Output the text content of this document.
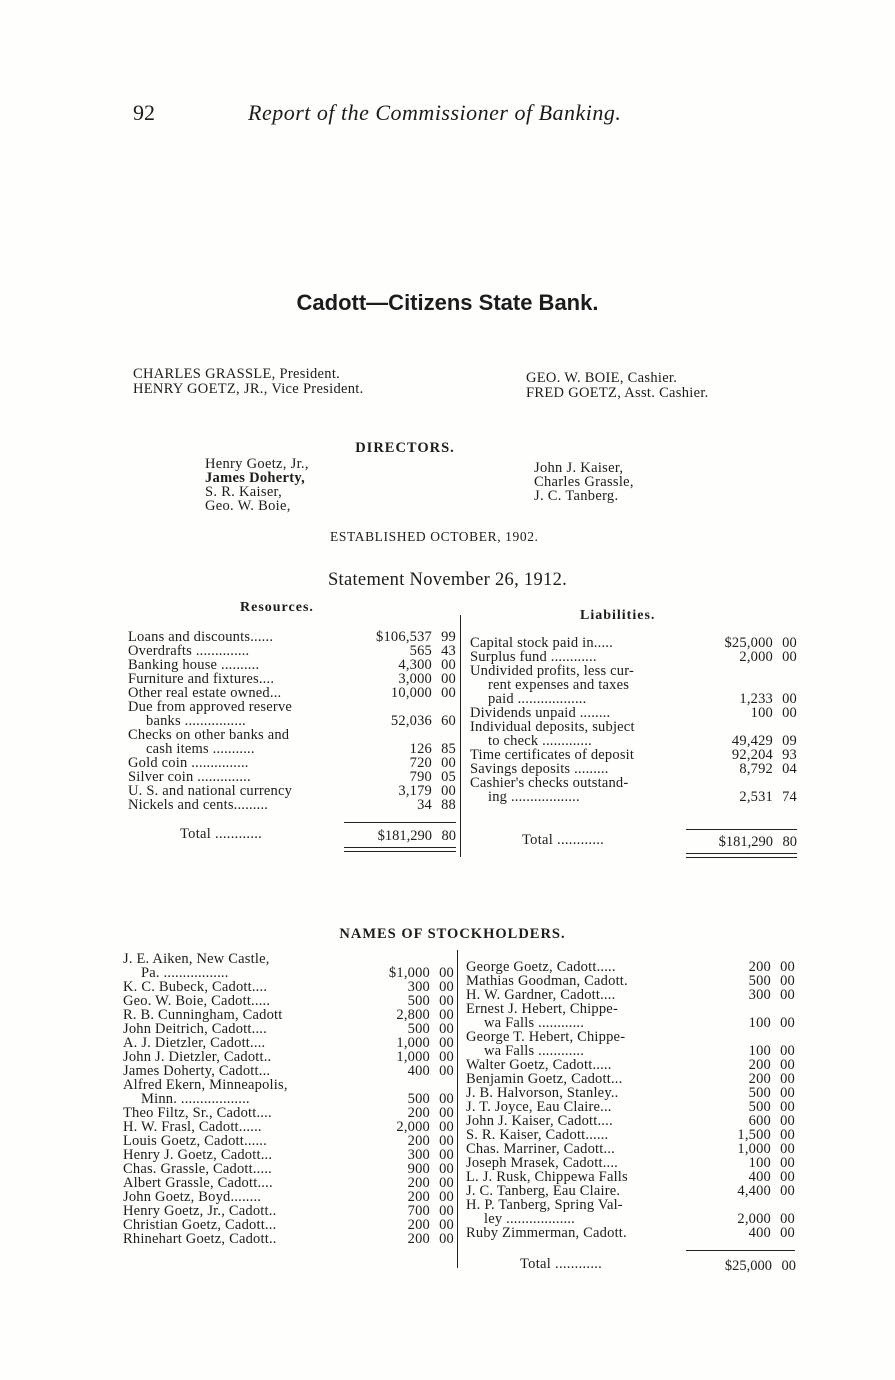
92	Report of the Commissioner of Banking.
Cadott—Citizens State Bank.
CHARLES GRASSLE, President.
HENRY GOETZ, JR., Vice President.
GEO. W. BOIE, Cashier.
FRED GOETZ, Asst. Cashier.
DIRECTORS.
Henry Goetz, Jr.,
James Doherty,
S. R. Kaiser,
Geo. W. Boie,
John J. Kaiser,
Charles Grassle,
J. C. Tanberg.
ESTABLISHED OCTOBER, 1902.
Statement November 26, 1912.
Resources.
Liabilities.
Loans and discounts......	$106,537 99
Overdrafts ..............	565 43
Banking house ..........	4,300 00
Furniture and fixtures....	3,000 00
Other real estate owned...	10,000 00
Due from approved reserve
banks ................	52,036 60
Checks on other banks and
cash items ...........	126 85
Gold coin ...............	720 00
Silver coin ..............	790 05
U. S. and national currency	3,179 00
Nickels and cents.........	34 88
Capital stock paid in.....	$25,000 00
Surplus fund ............	2,000 00
Undivided profits, less cur-
rent expenses and taxes
paid ..................	1,233 00
Dividends unpaid ........	100 00
Individual deposits, subject
to check .............	49,429 09
Time certificates of deposit	92,204 93
Savings deposits .........	8,792 04
Cashier's checks outstand-
ing ..................	2,531 74
Total ............	$181,290 80	Total ............	$181,290 80
NAMES OF STOCKHOLDERS.
J. E. Aiken, New Castle,
Pa. .................	$1,000 00
K. C. Bubeck, Cadott....	300 00
Geo. W. Boie, Cadott.....	500 00
R. B. Cunningham, Cadott	2,800 00
John Deitrich, Cadott....	500 00
A. J. Dietzler, Cadott....	1,000 00
John J. Dietzler, Cadott..	1,000 00
James Doherty, Cadott...	400 00
Alfred Ekern, Minneapolis,
Minn. ..................	500 00
Theo Filtz, Sr., Cadott....	200 00
H. W. Frasl, Cadott......	2,000 00
Louis Goetz, Cadott......	200 00
Henry J. Goetz, Cadott...	300 00
Chas. Grassle, Cadott.....	900 00
Albert Grassle, Cadott....	200 00
John Goetz, Boyd........	200 00
Henry Goetz, Jr., Cadott..	700 00
Christian Goetz, Cadott...	200 00
Rhinehart Goetz, Cadott..	200 00
George Goetz, Cadott.....	200 00
Mathias Goodman, Cadott.	500 00
H. W. Gardner, Cadott....	300 00
Ernest J. Hebert, Chippe-
wa Falls ............	100 00
George T. Hebert, Chippe-
wa Falls ............	100 00
Walter Goetz, Cadott.....	200 00
Benjamin Goetz, Cadott...	200 00
J. B. Halvorson, Stanley..	500 00
J. T. Joyce, Eau Claire...	500 00
John J. Kaiser, Cadott....	600 00
S. R. Kaiser, Cadott......	1,500 00
Chas. Marriner, Cadott...	1,000 00
Joseph Mrasek, Cadott....	100 00
L. J. Rusk, Chippewa Falls	400 00
J. C. Tanberg, Eau Claire.	4,400 00
H. P. Tanberg, Spring Val-
ley ..................	2,000 00
Ruby Zimmerman, Cadott.	400 00
Total ............	$25,000 00
